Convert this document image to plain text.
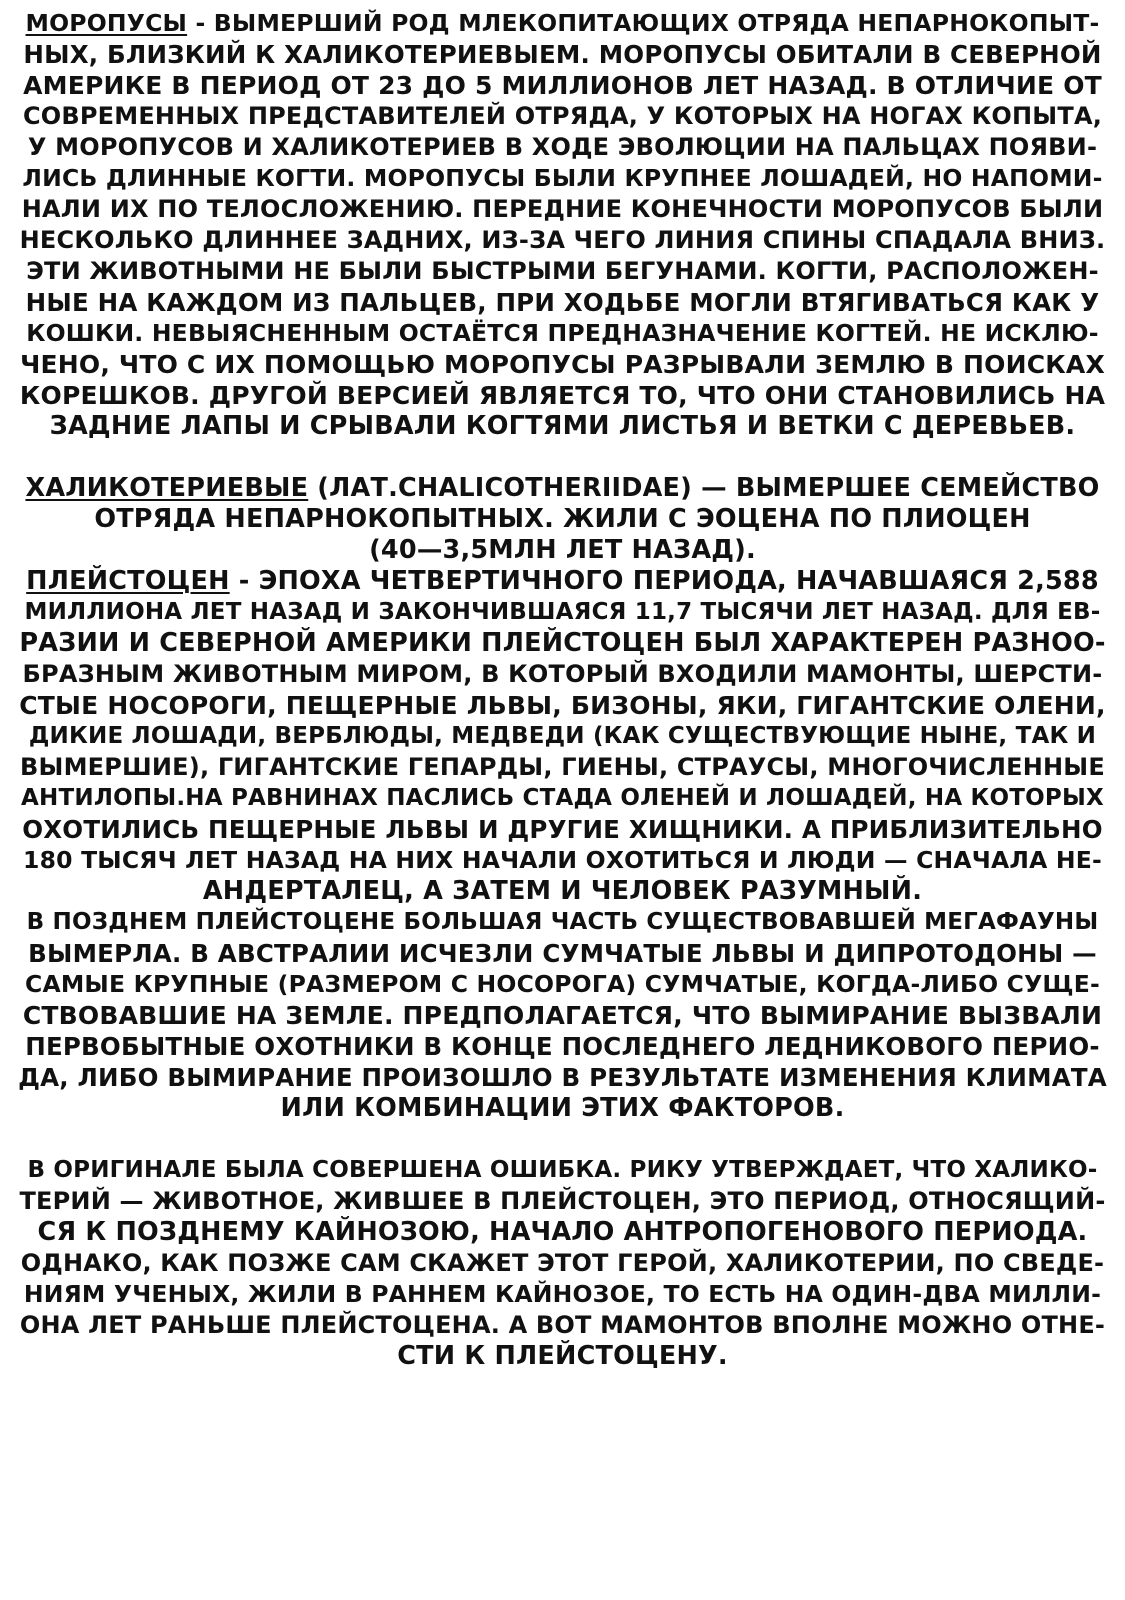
МОРОПУСЫ - ВЫМЕРШИЙ РОД МЛЕКОПИТАЮЩИХ ОТРЯДА НЕПАРНОКОПЫТ-
НЫХ, БЛИЗКИЙ К ХАЛИКОТЕРИЕВЫЕМ. МОРОПУСЫ ОБИТАЛИ В СЕВЕРНОЙ
АМЕРИКЕ В ПЕРИОД ОТ 23 ДО 5 МИЛЛИОНОВ ЛЕТ НАЗАД. В ОТЛИЧИЕ ОТ
СОВРЕМЕННЫХ ПРЕДСТАВИТЕЛЕЙ ОТРЯДА, У КОТОРЫХ НА НОГАХ КОПЫТА,
У МОРОПУСОВ И ХАЛИКОТЕРИЕВ В ХОДЕ ЭВОЛЮЦИИ НА ПАЛЬЦАХ ПОЯВИ-
ЛИСЬ ДЛИННЫЕ КОГТИ. МОРОПУСЫ БЫЛИ КРУПНЕЕ ЛОШАДЕЙ, НО НАПОМИ-
НАЛИ ИХ ПО ТЕЛОСЛОЖЕНИЮ. ПЕРЕДНИЕ КОНЕЧНОСТИ МОРОПУСОВ БЫЛИ
НЕСКОЛЬКО ДЛИННЕЕ ЗАДНИХ, ИЗ-ЗА ЧЕГО ЛИНИЯ СПИНЫ СПАДАЛА ВНИЗ.
ЭТИ ЖИВОТНЫМИ НЕ БЫЛИ БЫСТРЫМИ БЕГУНАМИ. КОГТИ, РАСПОЛОЖЕН-
НЫЕ НА КАЖДОМ ИЗ ПАЛЬЦЕВ, ПРИ ХОДЬБЕ МОГЛИ ВТЯГИВАТЬСЯ КАК У
КОШКИ. НЕВЫЯСНЕННЫМ ОСТАЁТСЯ ПРЕДНАЗНАЧЕНИЕ КОГТЕЙ. НЕ ИСКЛЮ-
ЧЕНО, ЧТО С ИХ ПОМОЩЬЮ МОРОПУСЫ РАЗРЫВАЛИ ЗЕМЛЮ В ПОИСКАХ
КОРЕШКОВ. ДРУГОЙ ВЕРСИЕЙ ЯВЛЯЕТСЯ ТО, ЧТО ОНИ СТАНОВИЛИСЬ НА
ЗАДНИЕ ЛАПЫ И СРЫВАЛИ КОГТЯМИ ЛИСТЬЯ И ВЕТКИ С ДЕРЕВЬЕВ.
ХАЛИКОТЕРИЕВЫЕ (ЛАТ.CHALICOTHERIIDAE) — ВЫМЕРШЕЕ СЕМЕЙСТВО
ОТРЯДА НЕПАРНОКОПЫТНЫХ. ЖИЛИ С ЭОЦЕНА ПО ПЛИОЦЕН
(40—3,5МЛН ЛЕТ НАЗАД).
ПЛЕЙСТОЦЕН - ЭПОХА ЧЕТВЕРТИЧНОГО ПЕРИОДА, НАЧАВШАЯСЯ 2,588
МИЛЛИОНА ЛЕТ НАЗАД И ЗАКОНЧИВШАЯСЯ 11,7 ТЫСЯЧИ ЛЕТ НАЗАД. ДЛЯ ЕВ-
РАЗИИ И СЕВЕРНОЙ АМЕРИКИ ПЛЕЙСТОЦЕН БЫЛ ХАРАКТЕРЕН РАЗНОО-
БРАЗНЫМ ЖИВОТНЫМ МИРОМ, В КОТОРЫЙ ВХОДИЛИ МАМОНТЫ, ШЕРСТИ-
СТЫЕ НОСОРОГИ, ПЕЩЕРНЫЕ ЛЬВЫ, БИЗОНЫ, ЯКИ, ГИГАНТСКИЕ ОЛЕНИ,
ДИКИЕ ЛОШАДИ, ВЕРБЛЮДЫ, МЕДВЕДИ (КАК СУЩЕСТВУЮЩИЕ НЫНЕ, ТАК И
ВЫМЕРШИЕ), ГИГАНТСКИЕ ГЕПАРДЫ, ГИЕНЫ, СТРАУСЫ, МНОГОЧИСЛЕННЫЕ
АНТИЛОПЫ.НА РАВНИНАХ ПАСЛИСЬ СТАДА ОЛЕНЕЙ И ЛОШАДЕЙ, НА КОТОРЫХ
ОХОТИЛИСЬ ПЕЩЕРНЫЕ ЛЬВЫ И ДРУГИЕ ХИЩНИКИ. А ПРИБЛИЗИТЕЛЬНО
180 ТЫСЯЧ ЛЕТ НАЗАД НА НИХ НАЧАЛИ ОХОТИТЬСЯ И ЛЮДИ — СНАЧАЛА НЕ-
АНДЕРТАЛЕЦ, А ЗАТЕМ И ЧЕЛОВЕК РАЗУМНЫЙ.
В ПОЗДНЕМ ПЛЕЙСТОЦЕНЕ БОЛЬШАЯ ЧАСТЬ СУЩЕСТВОВАВШЕЙ МЕГАФАУНЫ
ВЫМЕРЛА. В АВСТРАЛИИ ИСЧЕЗЛИ СУМЧАТЫЕ ЛЬВЫ И ДИПРОТОДОНЫ —
САМЫЕ КРУПНЫЕ (РАЗМЕРОМ С НОСОРОГА) СУМЧАТЫЕ, КОГДА-ЛИБО СУЩЕ-
СТВОВАВШИЕ НА ЗЕМЛЕ. ПРЕДПОЛАГАЕТСЯ, ЧТО ВЫМИРАНИЕ ВЫЗВАЛИ
ПЕРВОБЫТНЫЕ ОХОТНИКИ В КОНЦЕ ПОСЛЕДНЕГО ЛЕДНИКОВОГО ПЕРИО-
ДА, ЛИБО ВЫМИРАНИЕ ПРОИЗОШЛО В РЕЗУЛЬТАТЕ ИЗМЕНЕНИЯ КЛИМАТА
ИЛИ КОМБИНАЦИИ ЭТИХ ФАКТОРОВ.
В ОРИГИНАЛЕ БЫЛА СОВЕРШЕНА ОШИБКА. РИКУ УТВЕРЖДАЕТ, ЧТО ХАЛИКО-
ТЕРИЙ — ЖИВОТНОЕ, ЖИВШЕЕ В ПЛЕЙСТОЦЕН, ЭТО ПЕРИОД, ОТНОСЯЩИЙ-
СЯ К ПОЗДНЕМУ КАЙНОЗОЮ, НАЧАЛО АНТРОПОГЕНОВОГО ПЕРИОДА.
ОДНАКО, КАК ПОЗЖЕ САМ СКАЖЕТ ЭТОТ ГЕРОЙ, ХАЛИКОТЕРИИ, ПО СВЕДЕ-
НИЯМ УЧЕНЫХ, ЖИЛИ В РАННЕМ КАЙНОЗОЕ, ТО ЕСТЬ НА ОДИН-ДВА МИЛЛИ-
ОНА ЛЕТ РАНЬШЕ ПЛЕЙСТОЦЕНА. А ВОТ МАМОНТОВ ВПОЛНЕ МОЖНО ОТНЕ-
СТИ К ПЛЕЙСТОЦЕНУ.
